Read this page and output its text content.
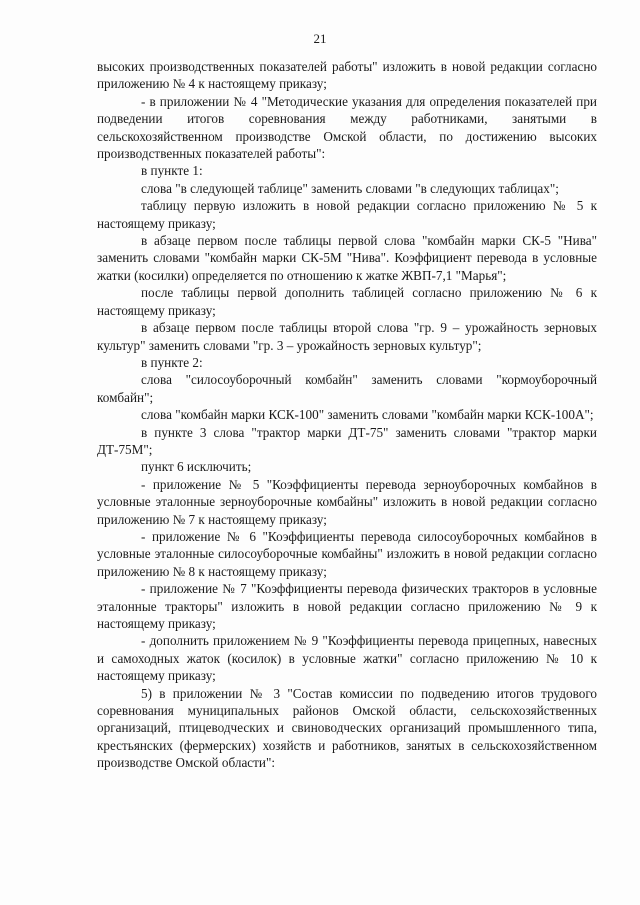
21

высоких производственных показателей работы" изложить в новой редакции согласно приложению № 4 к настоящему приказу;

- в приложении № 4 "Методические указания для определения показателей при подведении итогов соревнования между работниками, занятыми в сельскохозяйственном производстве Омской области, по достижению высоких производственных показателей работы":

в пункте 1:

слова "в следующей таблице" заменить словами "в следующих таблицах";

таблицу первую изложить в новой редакции согласно приложению № 5 к настоящему приказу;

в абзаце первом после таблицы первой слова "комбайн марки СК-5 "Нива" заменить словами "комбайн марки СК-5М "Нива". Коэффициент перевода в условные жатки (косилки) определяется по отношению к жатке ЖВП-7,1 "Марья";

после таблицы первой дополнить таблицей согласно приложению № 6 к настоящему приказу;

в абзаце первом после таблицы второй слова "гр. 9 – урожайность зерновых культур" заменить словами "гр. 3 – урожайность зерновых культур";

в пункте 2:

слова "силосоуборочный комбайн" заменить словами "кормоуборочный комбайн";

слова "комбайн марки КСК-100" заменить словами "комбайн марки КСК-100А";

в пункте 3 слова "трактор марки ДТ-75" заменить словами "трактор марки ДТ-75М";

пункт 6 исключить;

- приложение № 5 "Коэффициенты перевода зерноуборочных комбайнов в условные эталонные зерноуборочные комбайны" изложить в новой редакции согласно приложению № 7 к настоящему приказу;

- приложение № 6 "Коэффициенты перевода силосоуборочных комбайнов в условные эталонные силосоуборочные комбайны" изложить в новой редакции согласно приложению № 8 к настоящему приказу;

- приложение № 7 "Коэффициенты перевода физических тракторов в условные эталонные тракторы" изложить в новой редакции согласно приложению № 9 к настоящему приказу;

- дополнить приложением № 9 "Коэффициенты перевода прицепных, навесных и самоходных жаток (косилок) в условные жатки" согласно приложению № 10 к настоящему приказу;

5) в приложении № 3 "Состав комиссии по подведению итогов трудового соревнования муниципальных районов Омской области, сельскохозяйственных организаций, птицеводческих и свиноводческих организаций промышленного типа, крестьянских (фермерских) хозяйств и работников, занятых в сельскохозяйственном производстве Омской области":
